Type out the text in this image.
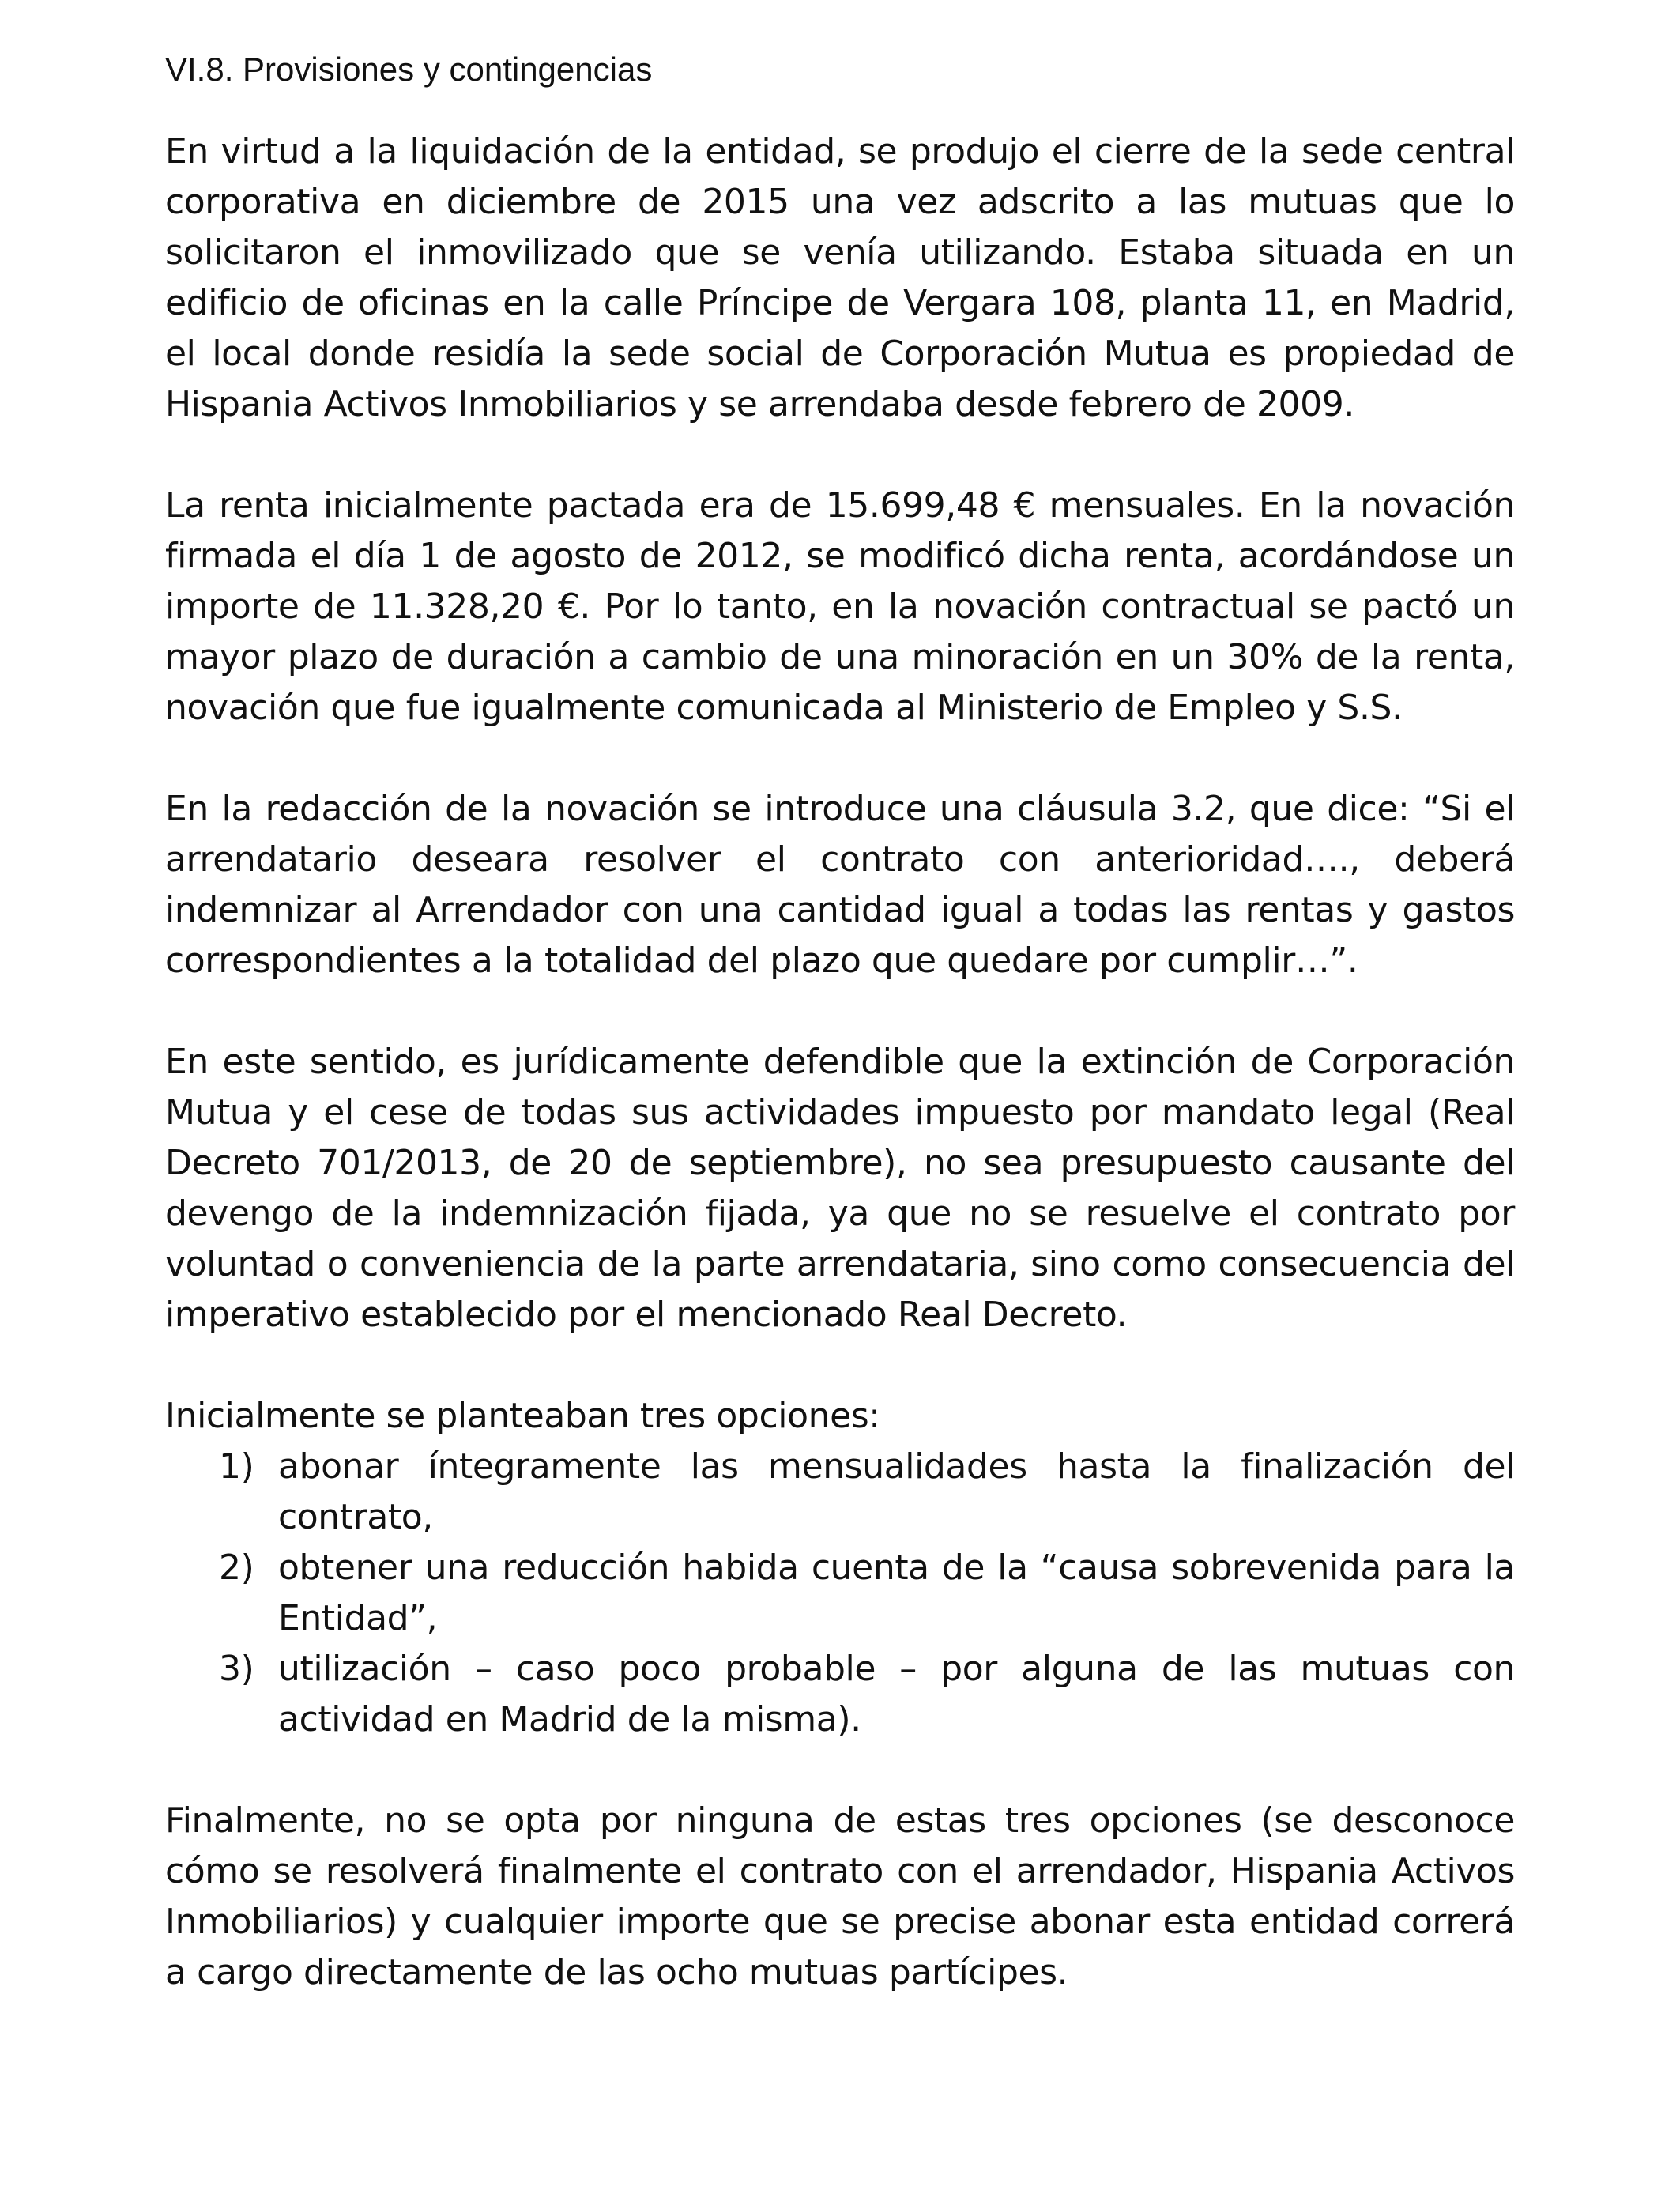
VI.8. Provisiones y contingencias

En virtud a la liquidación de la entidad, se produjo el cierre de la sede central corporativa en diciembre de 2015 una vez adscrito a las mutuas que lo solicitaron el inmovilizado que se venía utilizando. Estaba situada en un edificio de oficinas en la calle Príncipe de Vergara 108, planta 11, en Madrid, el local donde residía la sede social de Corporación Mutua es propiedad de Hispania Activos Inmobiliarios y se arrendaba desde febrero de 2009.

La renta inicialmente pactada era de 15.699,48 € mensuales. En la novación firmada el día 1 de agosto de 2012, se modificó dicha renta, acordándose un importe de 11.328,20 €. Por lo tanto, en la novación contractual se pactó un mayor plazo de duración a cambio de una minoración en un 30% de la renta, novación que fue igualmente comunicada al Ministerio de Empleo y S.S.

En la redacción de la novación se introduce una cláusula 3.2, que dice: “Si el arrendatario deseara resolver el contrato con anterioridad…., deberá indemnizar al Arrendador con una cantidad igual a todas las rentas y gastos correspondientes a la totalidad del plazo que quedare por cumplir…”.

En este sentido, es jurídicamente defendible que la extinción de Corporación Mutua y el cese de todas sus actividades impuesto por mandato legal (Real Decreto 701/2013, de 20 de septiembre), no sea presupuesto causante del devengo de la indemnización fijada, ya que no se resuelve el contrato por voluntad o conveniencia de la parte arrendataria, sino como consecuencia del imperativo establecido por el mencionado Real Decreto.

Inicialmente se planteaban tres opciones:

1) abonar íntegramente las mensualidades hasta la finalización del contrato,
2) obtener una reducción habida cuenta de la “causa sobrevenida para la Entidad”,
3) utilización – caso poco probable – por alguna de las mutuas con actividad en Madrid de la misma).

Finalmente, no se opta por ninguna de estas tres opciones (se desconoce cómo se resolverá finalmente el contrato con el arrendador, Hispania Activos Inmobiliarios) y cualquier importe que se precise abonar esta entidad correrá a cargo directamente de las ocho mutuas partícipes.
